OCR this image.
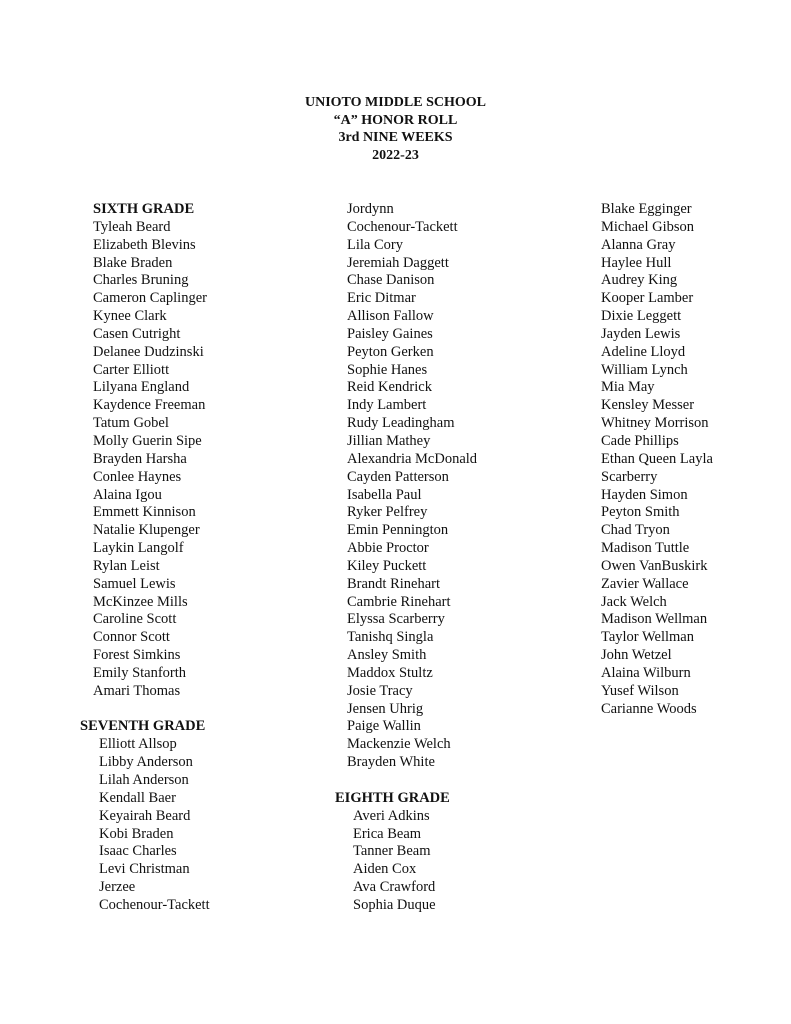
UNIOTO MIDDLE SCHOOL
“A” HONOR ROLL
3rd NINE WEEKS
2022-23
SIXTH GRADE
Tyleah Beard
Elizabeth Blevins
Blake Braden
Charles Bruning
Cameron Caplinger
Kynee Clark
Casen Cutright
Delanee Dudzinski
Carter Elliott
Lilyana England
Kaydence Freeman
Tatum Gobel
Molly Guerin Sipe
Brayden Harsha
Conlee Haynes
Alaina Igou
Emmett Kinnison
Natalie Klupenger
Laykin Langolf
Rylan Leist
Samuel Lewis
McKinzee Mills
Caroline Scott
Connor Scott
Forest Simkins
Emily Stanforth
Amari Thomas
SEVENTH GRADE
Elliott Allsop
Libby Anderson
Lilah Anderson
Kendall Baer
Keyairah Beard
Kobi Braden
Isaac Charles
Levi Christman
Jerzee
Cochenour-Tackett
Jordynn
Cochenour-Tackett
Lila Cory
Jeremiah Daggett
Chase Danison
Eric Ditmar
Allison Fallow
Paisley Gaines
Peyton Gerken
Sophie Hanes
Reid Kendrick
Indy Lambert
Rudy Leadingham
Jillian Mathey
Alexandria McDonald
Cayden Patterson
Isabella Paul
Ryker Pelfrey
Emin Pennington
Abbie Proctor
Kiley Puckett
Brandt Rinehart
Cambrie Rinehart
Elyssa Scarberry
Tanishq Singla
Ansley Smith
Maddox Stultz
Josie Tracy
Jensen Uhrig
Paige Wallin
Mackenzie Welch
Brayden White
EIGHTH GRADE
Averi Adkins
Erica Beam
Tanner Beam
Aiden Cox
Ava Crawford
Sophia Duque
Blake Egginger
Michael Gibson
Alanna Gray
Haylee Hull
Audrey King
Kooper Lamber
Dixie Leggett
Jayden Lewis
Adeline Lloyd
William Lynch
Mia May
Kensley Messer
Whitney Morrison
Cade Phillips
Ethan Queen Layla
Scarberry
Hayden Simon
Peyton Smith
Chad Tryon
Madison Tuttle
Owen VanBuskirk
Zavier Wallace
Jack Welch
Madison Wellman
Taylor Wellman
John Wetzel
Alaina Wilburn
Yusef Wilson
Carianne Woods
